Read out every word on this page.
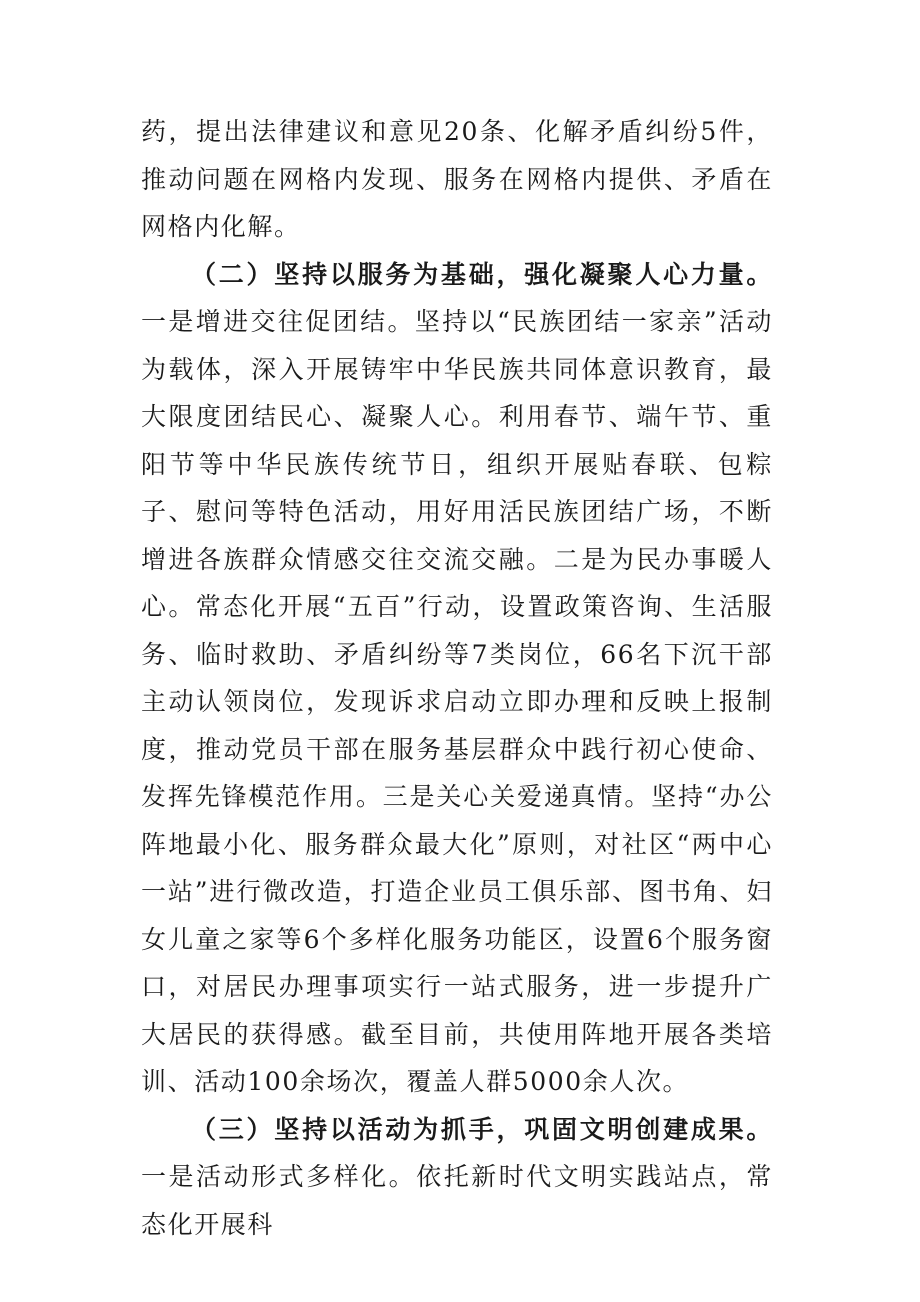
药，提出法律建议和意见20条、化解矛盾纠纷5件，推动问题在网格内发现、服务在网格内提供、矛盾在网格内化解。

（二）坚持以服务为基础，强化凝聚人心力量。一是增进交往促团结。坚持以“民族团结一家亲”活动为载体，深入开展铸牢中华民族共同体意识教育，最大限度团结民心、凝聚人心。利用春节、端午节、重阳节等中华民族传统节日，组织开展贴春联、包粽子、慰问等特色活动，用好用活民族团结广场，不断增进各族群众情感交往交流交融。二是为民办事暖人心。常态化开展“五百”行动，设置政策咨询、生活服务、临时救助、矛盾纠纷等7类岗位，66名下沉干部主动认领岗位，发现诉求启动立即办理和反映上报制度，推动党员干部在服务基层群众中践行初心使命、发挥先锋模范作用。三是关心关爱递真情。坚持“办公阵地最小化、服务群众最大化”原则，对社区“两中心一站”进行微改造，打造企业员工俱乐部、图书角、妇女儿童之家等6个多样化服务功能区，设置6个服务窗口，对居民办理事项实行一站式服务，进一步提升广大居民的获得感。截至目前，共使用阵地开展各类培训、活动100余场次，覆盖人群5000余人次。

（三）坚持以活动为抓手，巩固文明创建成果。一是活动形式多样化。依托新时代文明实践站点，常态化开展科
